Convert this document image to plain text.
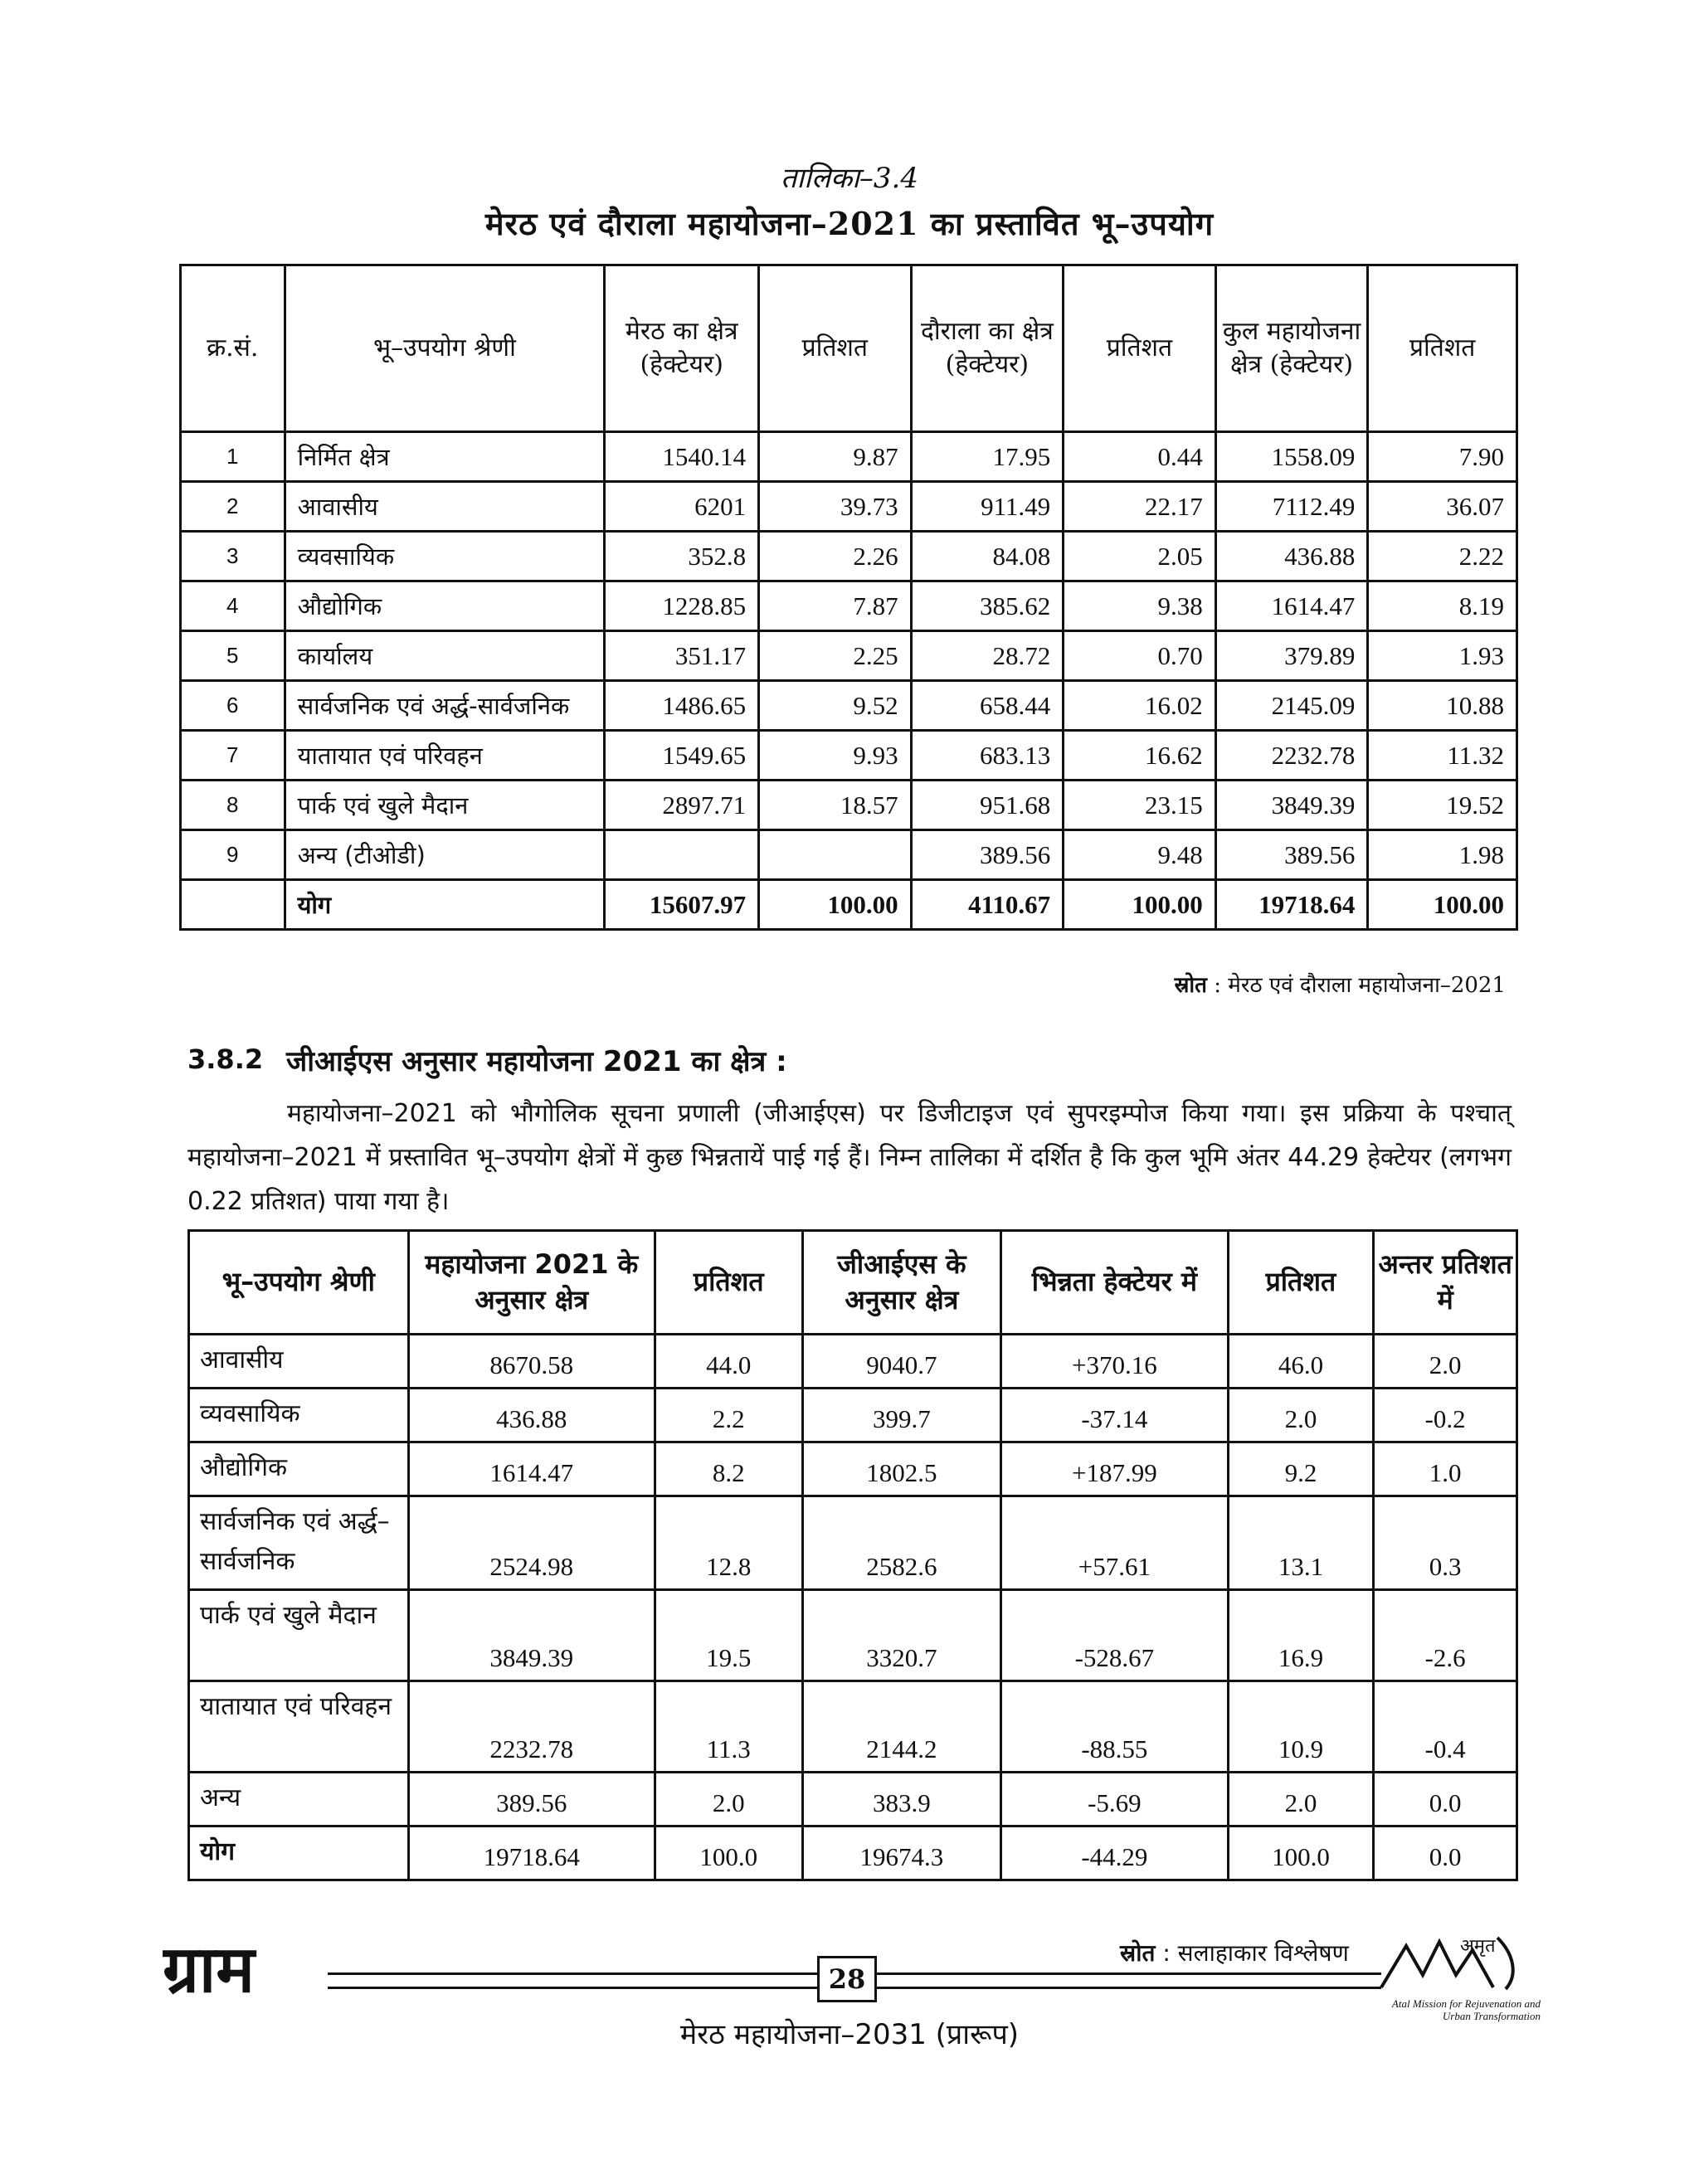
तालिका–3.4
मेरठ एवं दौराला महायोजना–2021 का प्रस्तावित भू–उपयोग
क्र.सं.	भू–उपयोग श्रेणी	मेरठ का क्षेत्र (हेक्टेयर)	प्रतिशत	दौराला का क्षेत्र (हेक्टेयर)	प्रतिशत	कुल महायोजना क्षेत्र (हेक्टेयर)	प्रतिशत
1	निर्मित क्षेत्र	1540.14	9.87	17.95	0.44	1558.09	7.90
2	आवासीय	6201	39.73	911.49	22.17	7112.49	36.07
3	व्यवसायिक	352.8	2.26	84.08	2.05	436.88	2.22
4	औद्योगिक	1228.85	7.87	385.62	9.38	1614.47	8.19
5	कार्यालय	351.17	2.25	28.72	0.70	379.89	1.93
6	सार्वजनिक एवं अर्द्ध-सार्वजनिक	1486.65	9.52	658.44	16.02	2145.09	10.88
7	यातायात एवं परिवहन	1549.65	9.93	683.13	16.62	2232.78	11.32
8	पार्क एवं खुले मैदान	2897.71	18.57	951.68	23.15	3849.39	19.52
9	अन्य (टीओडी)			389.56	9.48	389.56	1.98
	योग	15607.97	100.00	4110.67	100.00	19718.64	100.00
स्रोत : मेरठ एवं दौराला महायोजना–2021
3.8.2 जीआईएस अनुसार महायोजना 2021 का क्षेत्र :
महायोजना–2021 को भौगोलिक सूचना प्रणाली (जीआईएस) पर डिजीटाइज एवं सुपरइम्पोज किया गया। इस प्रक्रिया के पश्चात् महायोजना–2021 में प्रस्तावित भू–उपयोग क्षेत्रों में कुछ भिन्नतायें पाई गई हैं। निम्न तालिका में दर्शित है कि कुल भूमि अंतर 44.29 हेक्टेयर (लगभग 0.22 प्रतिशत) पाया गया है।
भू–उपयोग श्रेणी	महायोजना 2021 के अनुसार क्षेत्र	प्रतिशत	जीआईएस के अनुसार क्षेत्र	भिन्नता हेक्टेयर में	प्रतिशत	अन्तर प्रतिशत में
आवासीय	8670.58	44.0	9040.7	+370.16	46.0	2.0
व्यवसायिक	436.88	2.2	399.7	-37.14	2.0	-0.2
औद्योगिक	1614.47	8.2	1802.5	+187.99	9.2	1.0
सार्वजनिक एवं अर्द्ध–सार्वजनिक	2524.98	12.8	2582.6	+57.61	13.1	0.3
पार्क एवं खुले मैदान	3849.39	19.5	3320.7	-528.67	16.9	-2.6
यातायात एवं परिवहन	2232.78	11.3	2144.2	-88.55	10.9	-0.4
अन्य	389.56	2.0	383.9	-5.69	2.0	0.0
योग	19718.64	100.0	19674.3	-44.29	100.0	0.0
स्रोत : सलाहाकार विश्लेषण
ग्राम	28
मेरठ महायोजना–2031 (प्रारूप)
अमृत
Atal Mission for Rejuvenation and Urban Transformation
